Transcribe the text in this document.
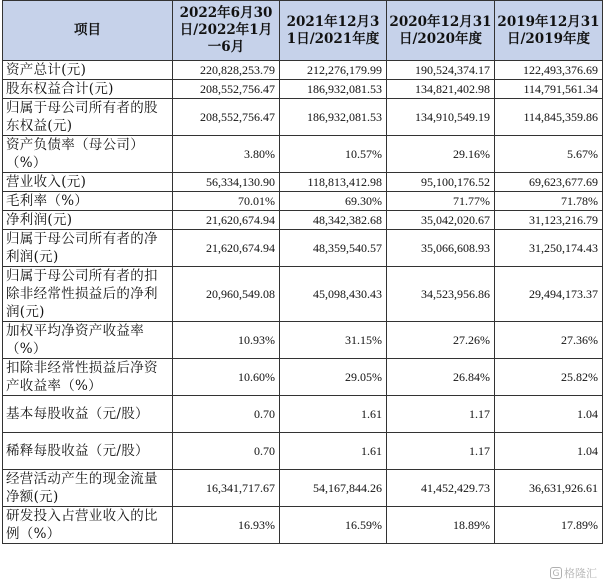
项目	2022年6月30日/2022年1月一6月	2021年12月31日/2021年度	2020年12月31日/2020年度	2019年12月31日/2019年度
资产总计(元)	220,828,253.79	212,276,179.99	190,524,374.17	122,493,376.69
股东权益合计(元)	208,552,756.47	186,932,081.53	134,821,402.98	114,791,561.34
归属于母公司所有者的股东权益(元)	208,552,756.47	186,932,081.53	134,910,549.19	114,845,359.86
资产负债率（母公司）（%）	3.80%	10.57%	29.16%	5.67%
营业收入(元)	56,334,130.90	118,813,412.98	95,100,176.52	69,623,677.69
毛利率（%）	70.01%	69.30%	71.77%	71.78%
净利润(元)	21,620,674.94	48,342,382.68	35,042,020.67	31,123,216.79
归属于母公司所有者的净利润(元)	21,620,674.94	48,359,540.57	35,066,608.93	31,250,174.43
归属于母公司所有者的扣除非经常性损益后的净利润(元)	20,960,549.08	45,098,430.43	34,523,956.86	29,494,173.37
加权平均净资产收益率（%）	10.93%	31.15%	27.26%	27.36%
扣除非经常性损益后净资产收益率（%）	10.60%	29.05%	26.84%	25.82%
基本每股收益（元/股）	0.70	1.61	1.17	1.04
稀释每股收益（元/股）	0.70	1.61	1.17	1.04
经营活动产生的现金流量净额(元)	16,341,717.67	54,167,844.26	41,452,429.73	36,631,926.61
研发投入占营业收入的比例（%）	16.93%	16.59%	18.89%	17.89%
G 格隆汇
